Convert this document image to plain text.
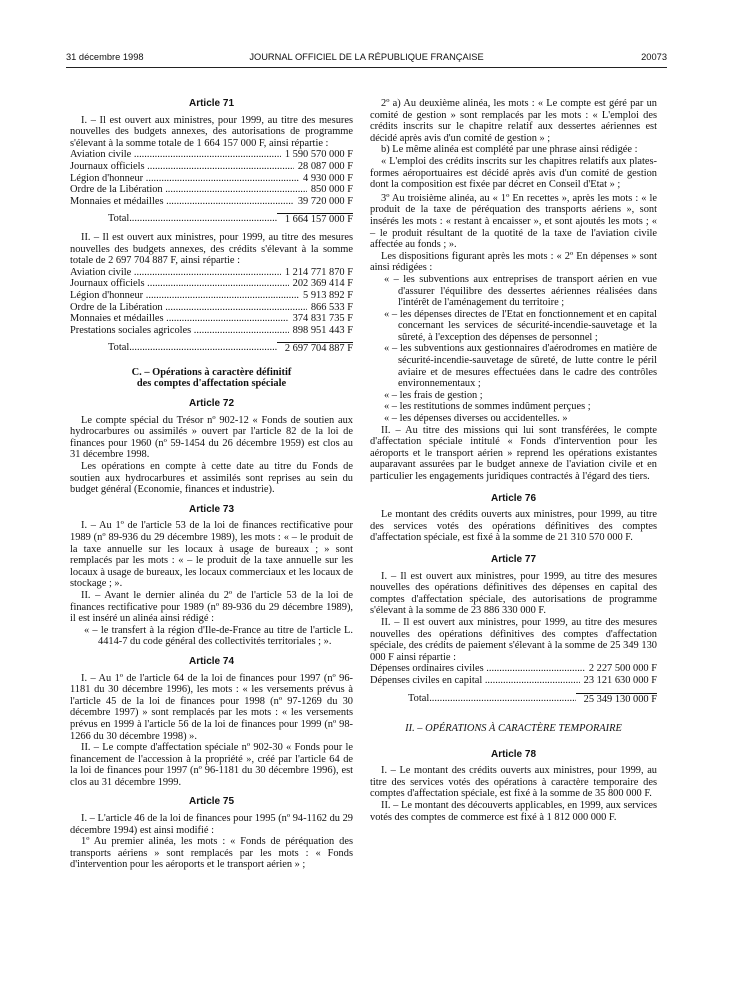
31 décembre 1998	JOURNAL OFFICIEL DE LA RÉPUBLIQUE FRANÇAISE	20073
Article 71

I. – Il est ouvert aux ministres, pour 1999, au titre des mesures nouvelles des budgets annexes, des autorisations de programme s'élevant à la somme totale de 1 664 157 000 F, ainsi répartie :

Aviation civile .....	1 590 570 000 F
Journaux officiels .....	28 087 000 F
Légion d'honneur .....	4 930 000 F
Ordre de la Libération .....	850 000 F
Monnaies et médailles .....	39 720 000 F
Total .....	1 664 157 000 F

II. – Il est ouvert aux ministres, pour 1999, au titre des mesures nouvelles des budgets annexes, des crédits s'élevant à la somme totale de 2 697 704 887 F, ainsi répartie :

Aviation civile .....	1 214 771 870 F
Journaux officiels .....	202 369 414 F
Légion d'honneur .....	5 913 892 F
Ordre de la Libération .....	866 533 F
Monnaies et médailles .....	374 831 735 F
Prestations sociales agricoles .....	898 951 443 F
Total .....	2 697 704 887 F
C. – Opérations à caractère définitif
des comptes d'affectation spéciale
Article 72

Le compte spécial du Trésor nº 902-12 « Fonds de soutien aux hydrocarbures ou assimilés » ouvert par l'article 82 de la loi de finances pour 1960 (nº 59-1454 du 26 décembre 1959) est clos au 31 décembre 1998.

Les opérations en compte à cette date au titre du Fonds de soutien aux hydrocarbures et assimilés sont reprises au sein du budget général (Economie, finances et industrie).

Article 73

I. – Au 1º de l'article 53 de la loi de finances rectificative pour 1989 (nº 89-936 du 29 décembre 1989), les mots : « – le produit de la taxe annuelle sur les locaux à usage de bureaux ; » sont remplacés par les mots : « – le produit de la taxe annuelle sur les locaux à usage de bureaux, les locaux commerciaux et les locaux de stockage ; ».

II. – Avant le dernier alinéa du 2º de l'article 53 de la loi de finances rectificative pour 1989 (nº 89-936 du 29 décembre 1989), il est inséré un alinéa ainsi rédigé :

« – le transfert à la région d'Ile-de-France au titre de l'article L. 4414-7 du code général des collectivités territoriales ; ».
Article 74

I. – Au 1º de l'article 64 de la loi de finances pour 1997 (nº 96-1181 du 30 décembre 1996), les mots : « les versements prévus à l'article 45 de la loi de finances pour 1998 (nº 97-1269 du 30 décembre 1997) » sont remplacés par les mots : « les versements prévus en 1999 à l'article 56 de la loi de finances pour 1999 (nº 98-1266 du 30 décembre 1998) ».

II. – Le compte d'affectation spéciale nº 902-30 « Fonds pour le financement de l'accession à la propriété », créé par l'article 64 de la loi de finances pour 1997 (nº 96-1181 du 30 décembre 1996), est clos au 31 décembre 1999.

Article 75

I. – L'article 46 de la loi de finances pour 1995 (nº 94-1162 du 29 décembre 1994) est ainsi modifié :

1º Au premier alinéa, les mots : « Fonds de péréquation des transports aériens » sont remplacés par les mots : « Fonds d'intervention pour les aéroports et le transport aérien » ;

2º a) Au deuxième alinéa, les mots : « Le compte est géré par un comité de gestion » sont remplacés par les mots : « L'emploi des crédits inscrits sur le chapitre relatif aux dessertes aériennes est décidé après avis d'un comité de gestion » ;

b) Le même alinéa est complété par une phrase ainsi rédigée :

« L'emploi des crédits inscrits sur les chapitres relatifs aux plates-formes aéroportuaires est décidé après avis d'un comité de gestion dont la composition est fixée par décret en Conseil d'Etat » ;

3º Au troisième alinéa, au « 1º En recettes », après les mots : « le produit de la taxe de péréquation des transports aériens », sont insérés les mots : « restant à encaisser », et sont ajoutés les mots ; « – le produit résultant de la quotité de la taxe de l'aviation civile affectée au fonds ; ».

Les dispositions figurant après les mots : « 2º En dépenses » sont ainsi rédigées :

« – les subventions aux entreprises de transport aérien en vue d'assurer l'équilibre des dessertes aériennes réalisées dans l'intérêt de l'aménagement du territoire ;
« – les dépenses directes de l'Etat en fonctionnement et en capital concernant les services de sécurité-incendie-sauvetage et la sûreté, à l'exception des dépenses de personnel ;
« – les subventions aux gestionnaires d'aérodromes en matière de sécurité-incendie-sauvetage de sûreté, de lutte contre le péril aviaire et de mesures effectuées dans le cadre des contrôles environnementaux ;
« – les frais de gestion ;
« – les restitutions de sommes indûment perçues ;
« – les dépenses diverses ou accidentelles. »

II. – Au titre des missions qui lui sont transférées, le compte d'affectation spéciale intitulé « Fonds d'intervention pour les aéroports et le transport aérien » reprend les opérations existantes auparavant assurées par le budget annexe de l'aviation civile et en particulier les engagements juridiques contractés à l'égard des tiers.

Article 76

Le montant des crédits ouverts aux ministres, pour 1999, au titre des services votés des opérations définitives des comptes d'affectation spéciale, est fixé à la somme de 21 310 570 000 F.

Article 77

I. – Il est ouvert aux ministres, pour 1999, au titre des mesures nouvelles des opérations définitives des dépenses en capital des comptes d'affectation spéciale, des autorisations de programme s'élevant à la somme de 23 886 330 000 F.

II. – Il est ouvert aux ministres, pour 1999, au titre des mesures nouvelles des opérations définitives des comptes d'affectation spéciale, des crédits de paiement s'élevant à la somme de 25 349 130 000 F ainsi répartie :

Dépenses ordinaires civiles .....	2 227 500 000 F
Dépenses civiles en capital .....	23 121 630 000 F
Total .....	25 349 130 000 F
II. – OPÉRATIONS À CARACTÈRE TEMPORAIRE
Article 78

I. – Le montant des crédits ouverts aux ministres, pour 1999, au titre des services votés des opérations à caractère temporaire des comptes d'affectation spéciale, est fixé à la somme de 35 800 000 F.

II. – Le montant des découverts applicables, en 1999, aux services votés des comptes de commerce est fixé à 1 812 000 000 F.
